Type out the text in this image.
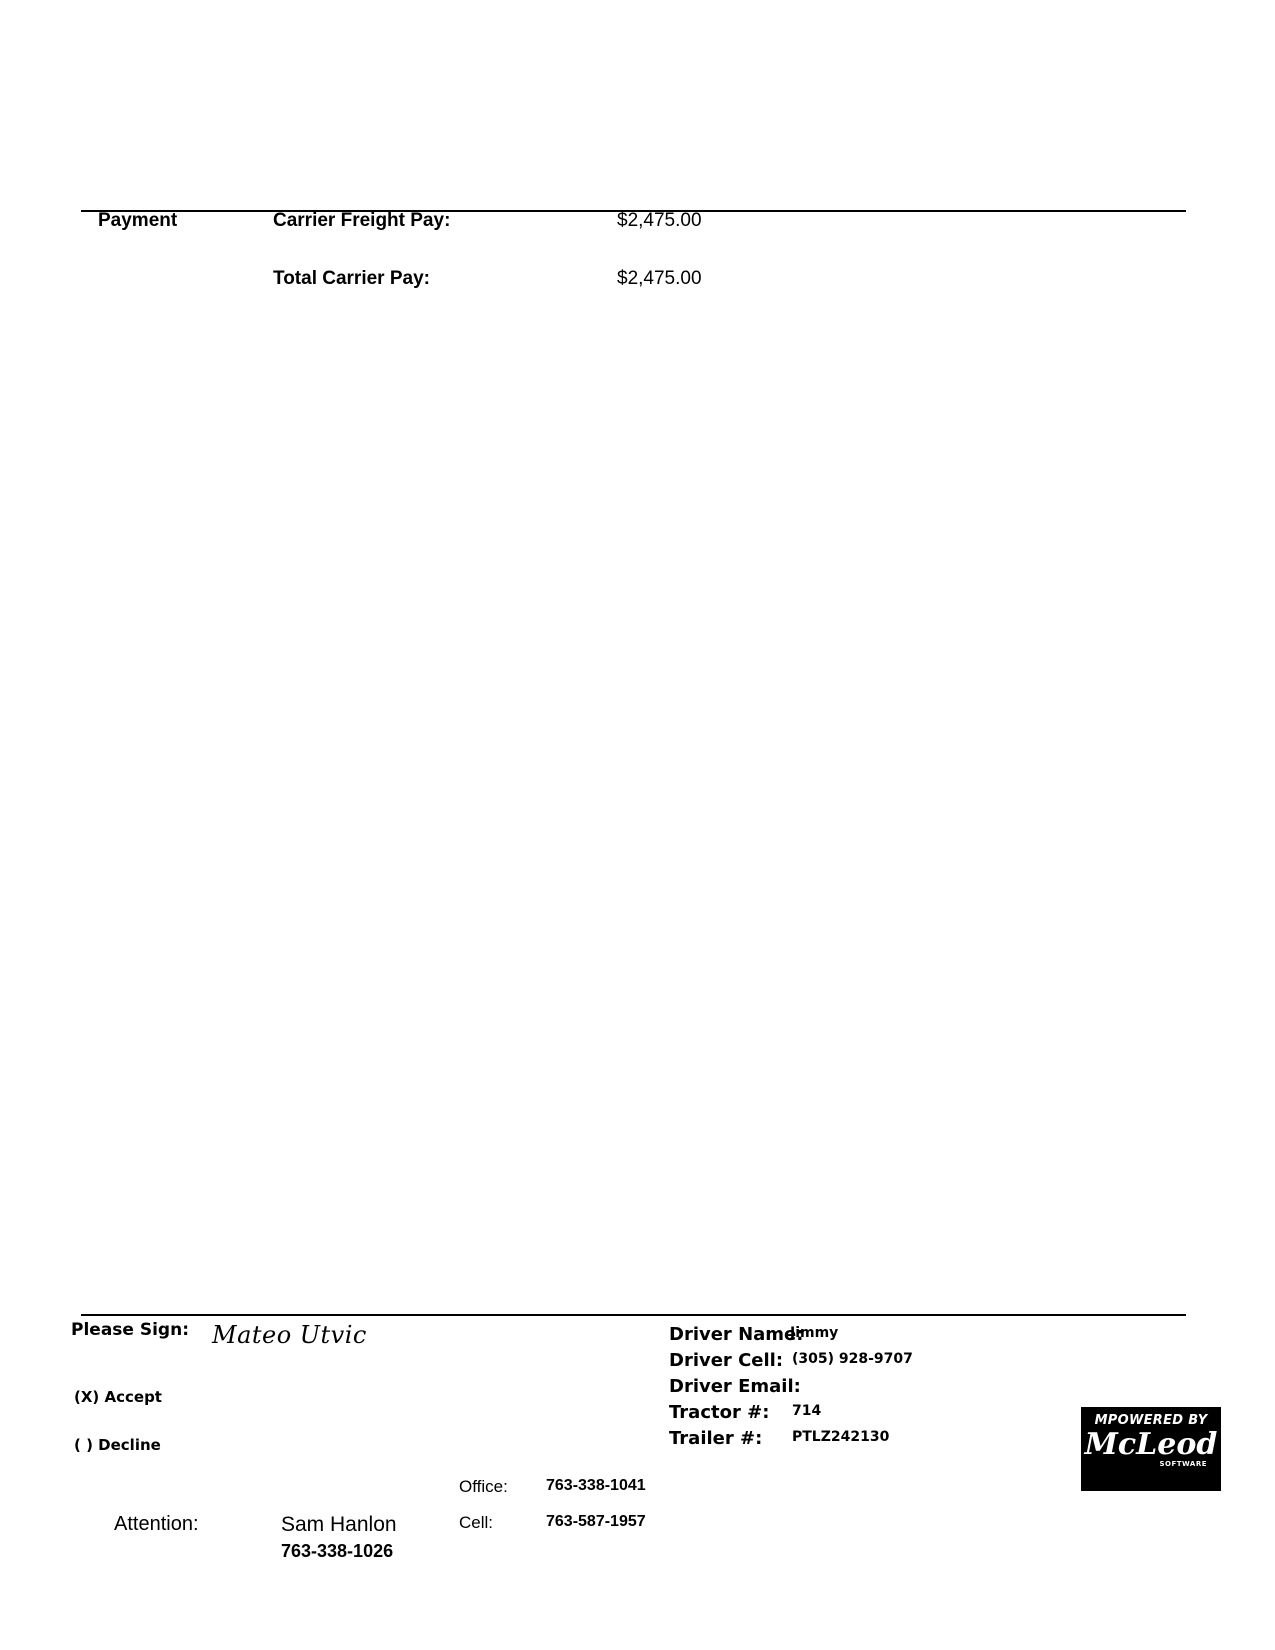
Payment	Carrier Freight Pay:	$2,475.00
Total Carrier Pay:	$2,475.00
Please Sign: Mateo Utvic
(X) Accept
( ) Decline
Driver Name:
Jimmy
Driver Cell: (305) 928-9707
Driver Email:
Tractor #: 714
Trailer #: PTLZ242130
MPOWERED BY
McLeod
SOFTWARE
Office: 763-338-1041
Attention:	Sam Hanlon
763-338-1026
Cell:	763-587-1957
